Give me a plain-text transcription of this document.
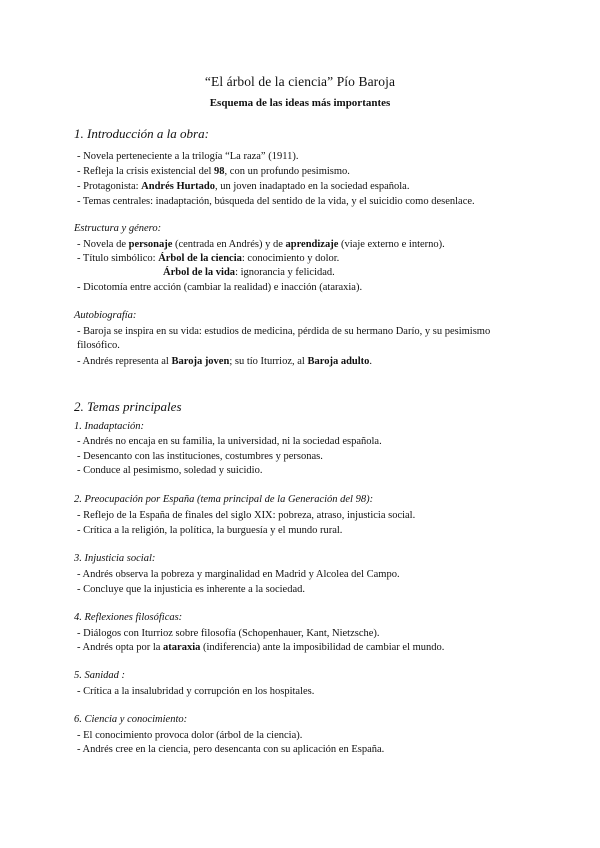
“El árbol de la ciencia” Pío Baroja
Esquema de las ideas más importantes
1. Introducción a la obra:
- Novela perteneciente a la trilogía “La raza” (1911).
- Refleja la crisis existencial del 98, con un profundo pesimismo.
- Protagonista: Andrés Hurtado, un joven inadaptado en la sociedad española.
- Temas centrales: inadaptación, búsqueda del sentido de la vida, y el suicidio como desenlace.
Estructura y género:
- Novela de personaje (centrada en Andrés) y de aprendizaje (viaje externo e interno).
- Título simbólico: Árbol de la ciencia: conocimiento y dolor.
Árbol de la vida: ignorancia y felicidad.
- Dicotomía entre acción (cambiar la realidad) e inacción (ataraxia).
Autobiografía:
- Baroja se inspira en su vida: estudios de medicina, pérdida de su hermano Darío, y su pesimismo filosófico.
- Andrés representa al Baroja joven; su tío Iturrioz, al Baroja adulto.
2. Temas principales
1. Inadaptación:
- Andrés no encaja en su familia, la universidad, ni la sociedad española.
- Desencanto con las instituciones, costumbres y personas.
- Conduce al pesimismo, soledad y suicidio.
2. Preocupación por España (tema principal de la Generación del 98):
- Reflejo de la España de finales del siglo XIX: pobreza, atraso, injusticia social.
- Crítica a la religión, la política, la burguesía y el mundo rural.
3. Injusticia social:
- Andrés observa la pobreza y marginalidad en Madrid y Alcolea del Campo.
- Concluye que la injusticia es inherente a la sociedad.
4. Reflexiones filosóficas:
- Diálogos con Iturrioz sobre filosofía (Schopenhauer, Kant, Nietzsche).
- Andrés opta por la ataraxia (indiferencia) ante la imposibilidad de cambiar el mundo.
5. Sanidad :
- Crítica a la insalubridad y corrupción en los hospitales.
6. Ciencia y conocimiento:
- El conocimiento provoca dolor (árbol de la ciencia).
- Andrés cree en la ciencia, pero desencanta con su aplicación en España.
